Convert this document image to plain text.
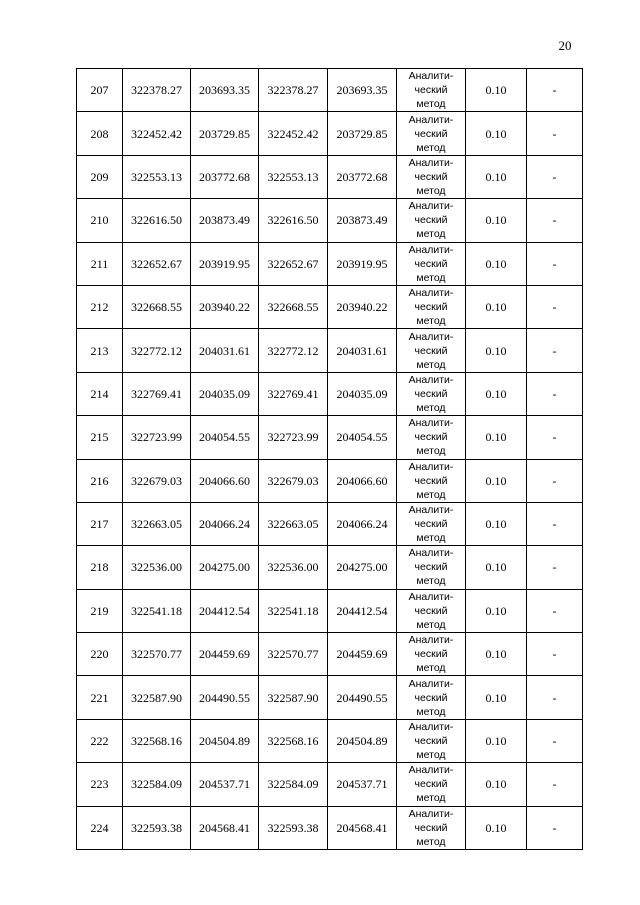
20
207	322378.27	203693.35	322378.27	203693.35	Аналити-
ческий
метод	0.10	-
208	322452.42	203729.85	322452.42	203729.85	Аналити-
ческий
метод	0.10	-
209	322553.13	203772.68	322553.13	203772.68	Аналити-
ческий
метод	0.10	-
210	322616.50	203873.49	322616.50	203873.49	Аналити-
ческий
метод	0.10	-
211	322652.67	203919.95	322652.67	203919.95	Аналити-
ческий
метод	0.10	-
212	322668.55	203940.22	322668.55	203940.22	Аналити-
ческий
метод	0.10	-
213	322772.12	204031.61	322772.12	204031.61	Аналити-
ческий
метод	0.10	-
214	322769.41	204035.09	322769.41	204035.09	Аналити-
ческий
метод	0.10	-
215	322723.99	204054.55	322723.99	204054.55	Аналити-
ческий
метод	0.10	-
216	322679.03	204066.60	322679.03	204066.60	Аналити-
ческий
метод	0.10	-
217	322663.05	204066.24	322663.05	204066.24	Аналити-
ческий
метод	0.10	-
218	322536.00	204275.00	322536.00	204275.00	Аналити-
ческий
метод	0.10	-
219	322541.18	204412.54	322541.18	204412.54	Аналити-
ческий
метод	0.10	-
220	322570.77	204459.69	322570.77	204459.69	Аналити-
ческий
метод	0.10	-
221	322587.90	204490.55	322587.90	204490.55	Аналити-
ческий
метод	0.10	-
222	322568.16	204504.89	322568.16	204504.89	Аналити-
ческий
метод	0.10	-
223	322584.09	204537.71	322584.09	204537.71	Аналити-
ческий
метод	0.10	-
224	322593.38	204568.41	322593.38	204568.41	Аналити-
ческий
метод	0.10	-
